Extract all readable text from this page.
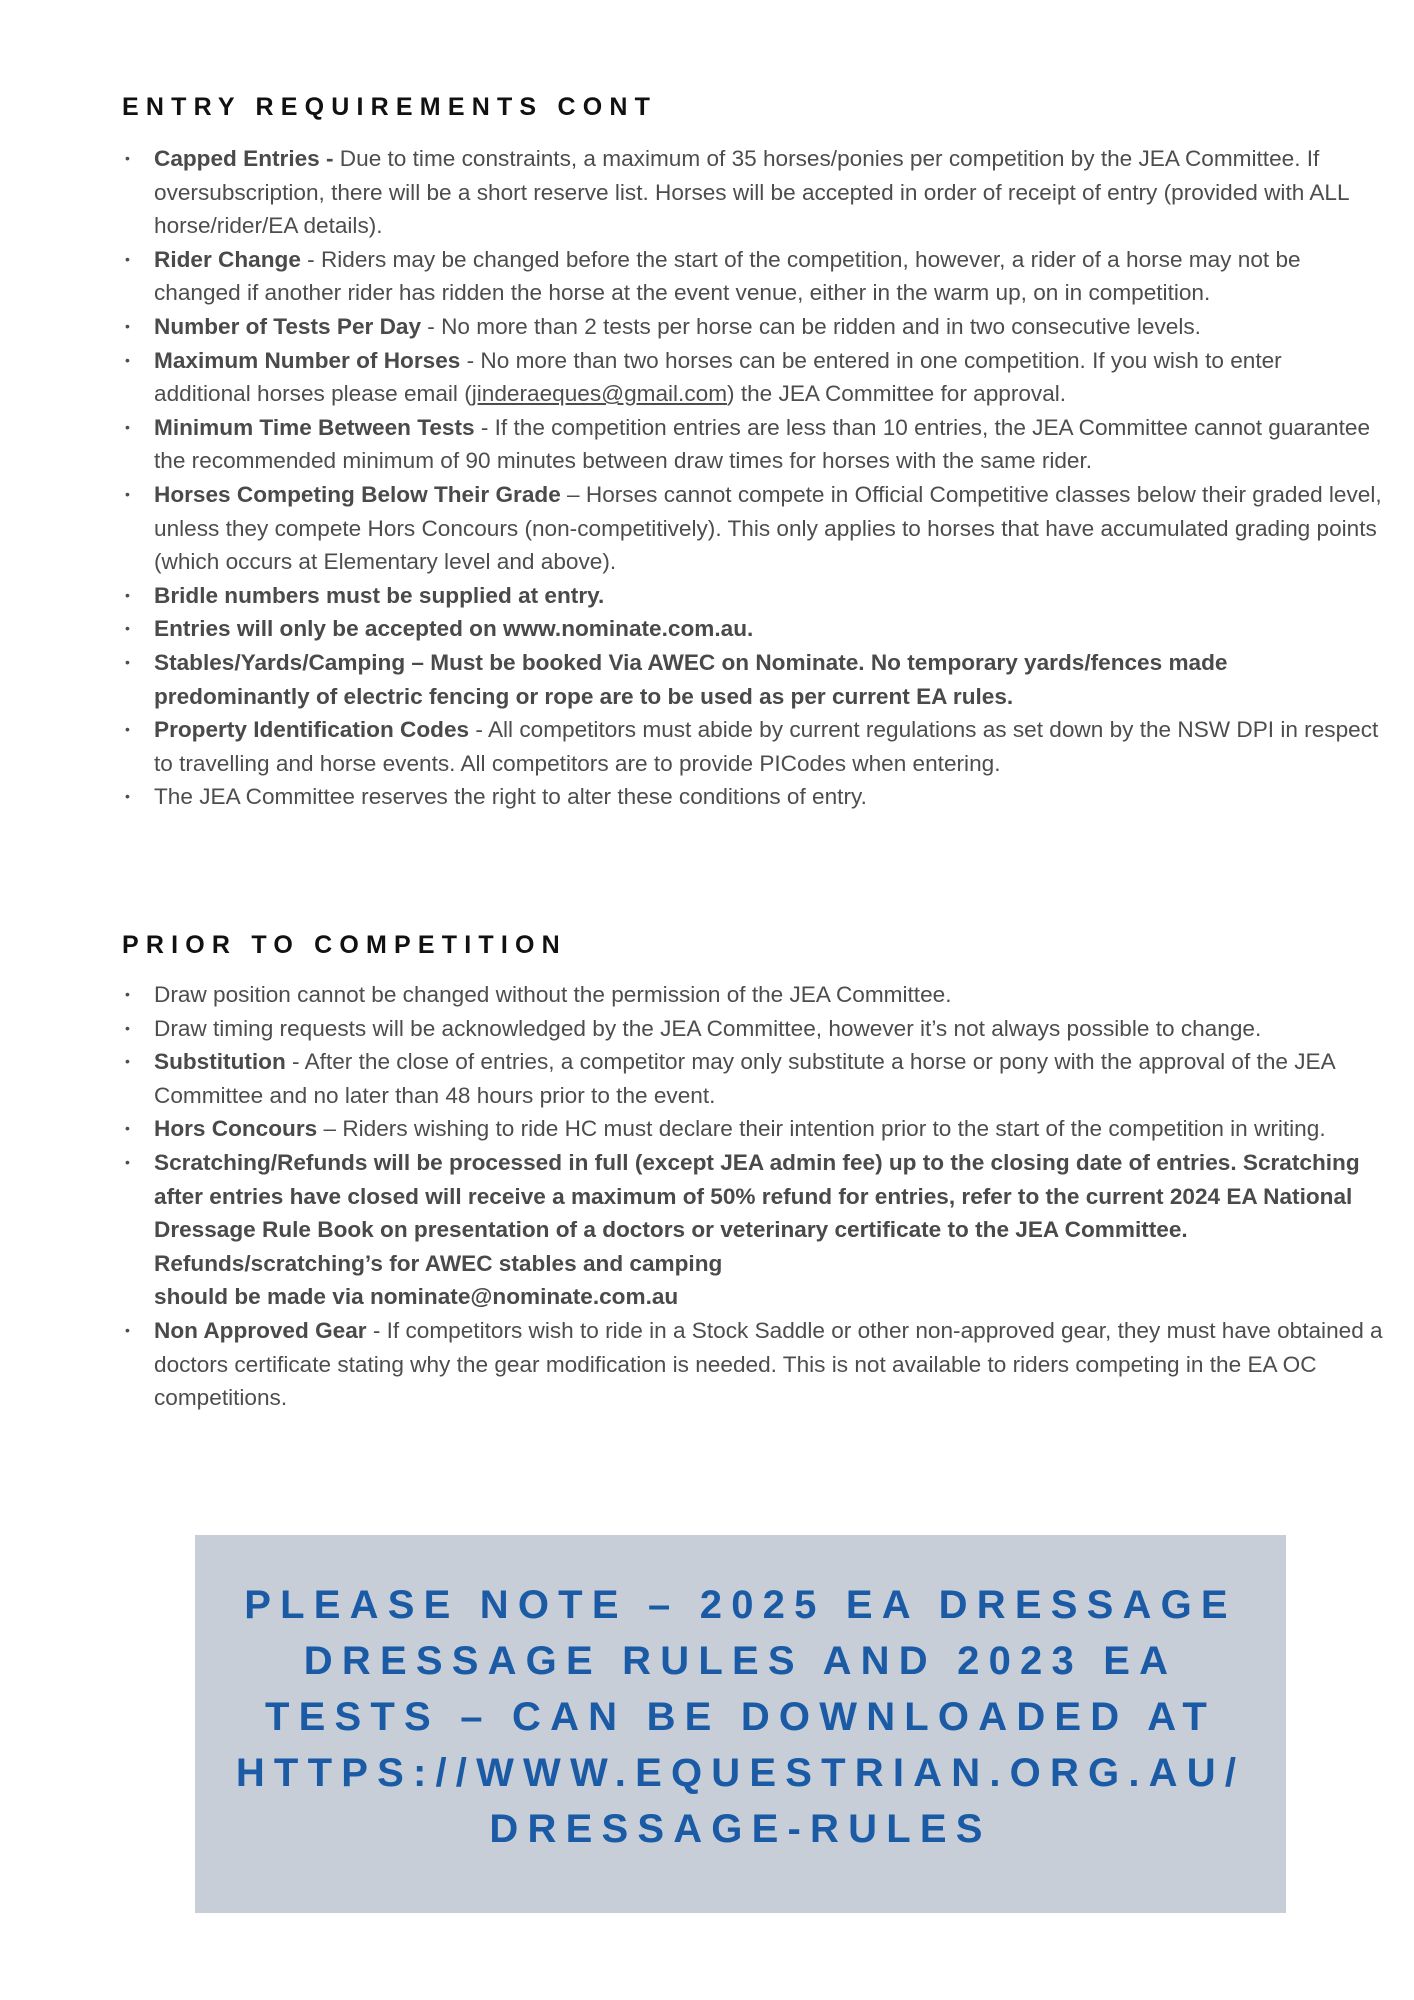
ENTRY REQUIREMENTS CONT
• Capped Entries - Due to time constraints, a maximum of 35 horses/ponies per competition by the JEA Committee. If oversubscription, there will be a short reserve list. Horses will be accepted in order of receipt of entry (provided with ALL horse/rider/EA details).
• Rider Change - Riders may be changed before the start of the competition, however, a rider of a horse may not be changed if another rider has ridden the horse at the event venue, either in the warm up, on in competition.
• Number of Tests Per Day - No more than 2 tests per horse can be ridden and in two consecutive levels.
• Maximum Number of Horses - No more than two horses can be entered in one competition. If you wish to enter additional horses please email (jinderaeques@gmail.com) the JEA Committee for approval.
• Minimum Time Between Tests - If the competition entries are less than 10 entries, the JEA Committee cannot guarantee the recommended minimum of 90 minutes between draw times for horses with the same rider.
• Horses Competing Below Their Grade – Horses cannot compete in Official Competitive classes below their graded level, unless they compete Hors Concours (non-competitively). This only applies to horses that have accumulated grading points (which occurs at Elementary level and above).
• Bridle numbers must be supplied at entry.
• Entries will only be accepted on www.nominate.com.au.
• Stables/Yards/Camping – Must be booked Via AWEC on Nominate. No temporary yards/fences made predominantly of electric fencing or rope are to be used as per current EA rules.
• Property Identification Codes - All competitors must abide by current regulations as set down by the NSW DPI in respect to travelling and horse events. All competitors are to provide PICodes when entering.
• The JEA Committee reserves the right to alter these conditions of entry.
PRIOR TO COMPETITION
• Draw position cannot be changed without the permission of the JEA Committee.
• Draw timing requests will be acknowledged by the JEA Committee, however it’s not always possible to change.
• Substitution - After the close of entries, a competitor may only substitute a horse or pony with the approval of the JEA Committee and no later than 48 hours prior to the event.
• Hors Concours – Riders wishing to ride HC must declare their intention prior to the start of the competition in writing.
• Scratching/Refunds will be processed in full (except JEA admin fee) up to the closing date of entries. Scratching after entries have closed will receive a maximum of 50% refund for entries, refer to the current 2024 EA National Dressage Rule Book on presentation of a doctors or veterinary certificate to the JEA Committee. Refunds/scratching’s for AWEC stables and camping
should be made via nominate@nominate.com.au
• Non Approved Gear - If competitors wish to ride in a Stock Saddle or other non-approved gear, they must have obtained a doctors certificate stating why the gear modification is needed. This is not available to riders competing in the EA OC competitions.

PLEASE NOTE – 2025 EA DRESSAGE
DRESSAGE RULES AND 2023 EA
TESTS – CAN BE DOWNLOADED AT
HTTPS://WWW.EQUESTRIAN.ORG.AU/
DRESSAGE-RULES
